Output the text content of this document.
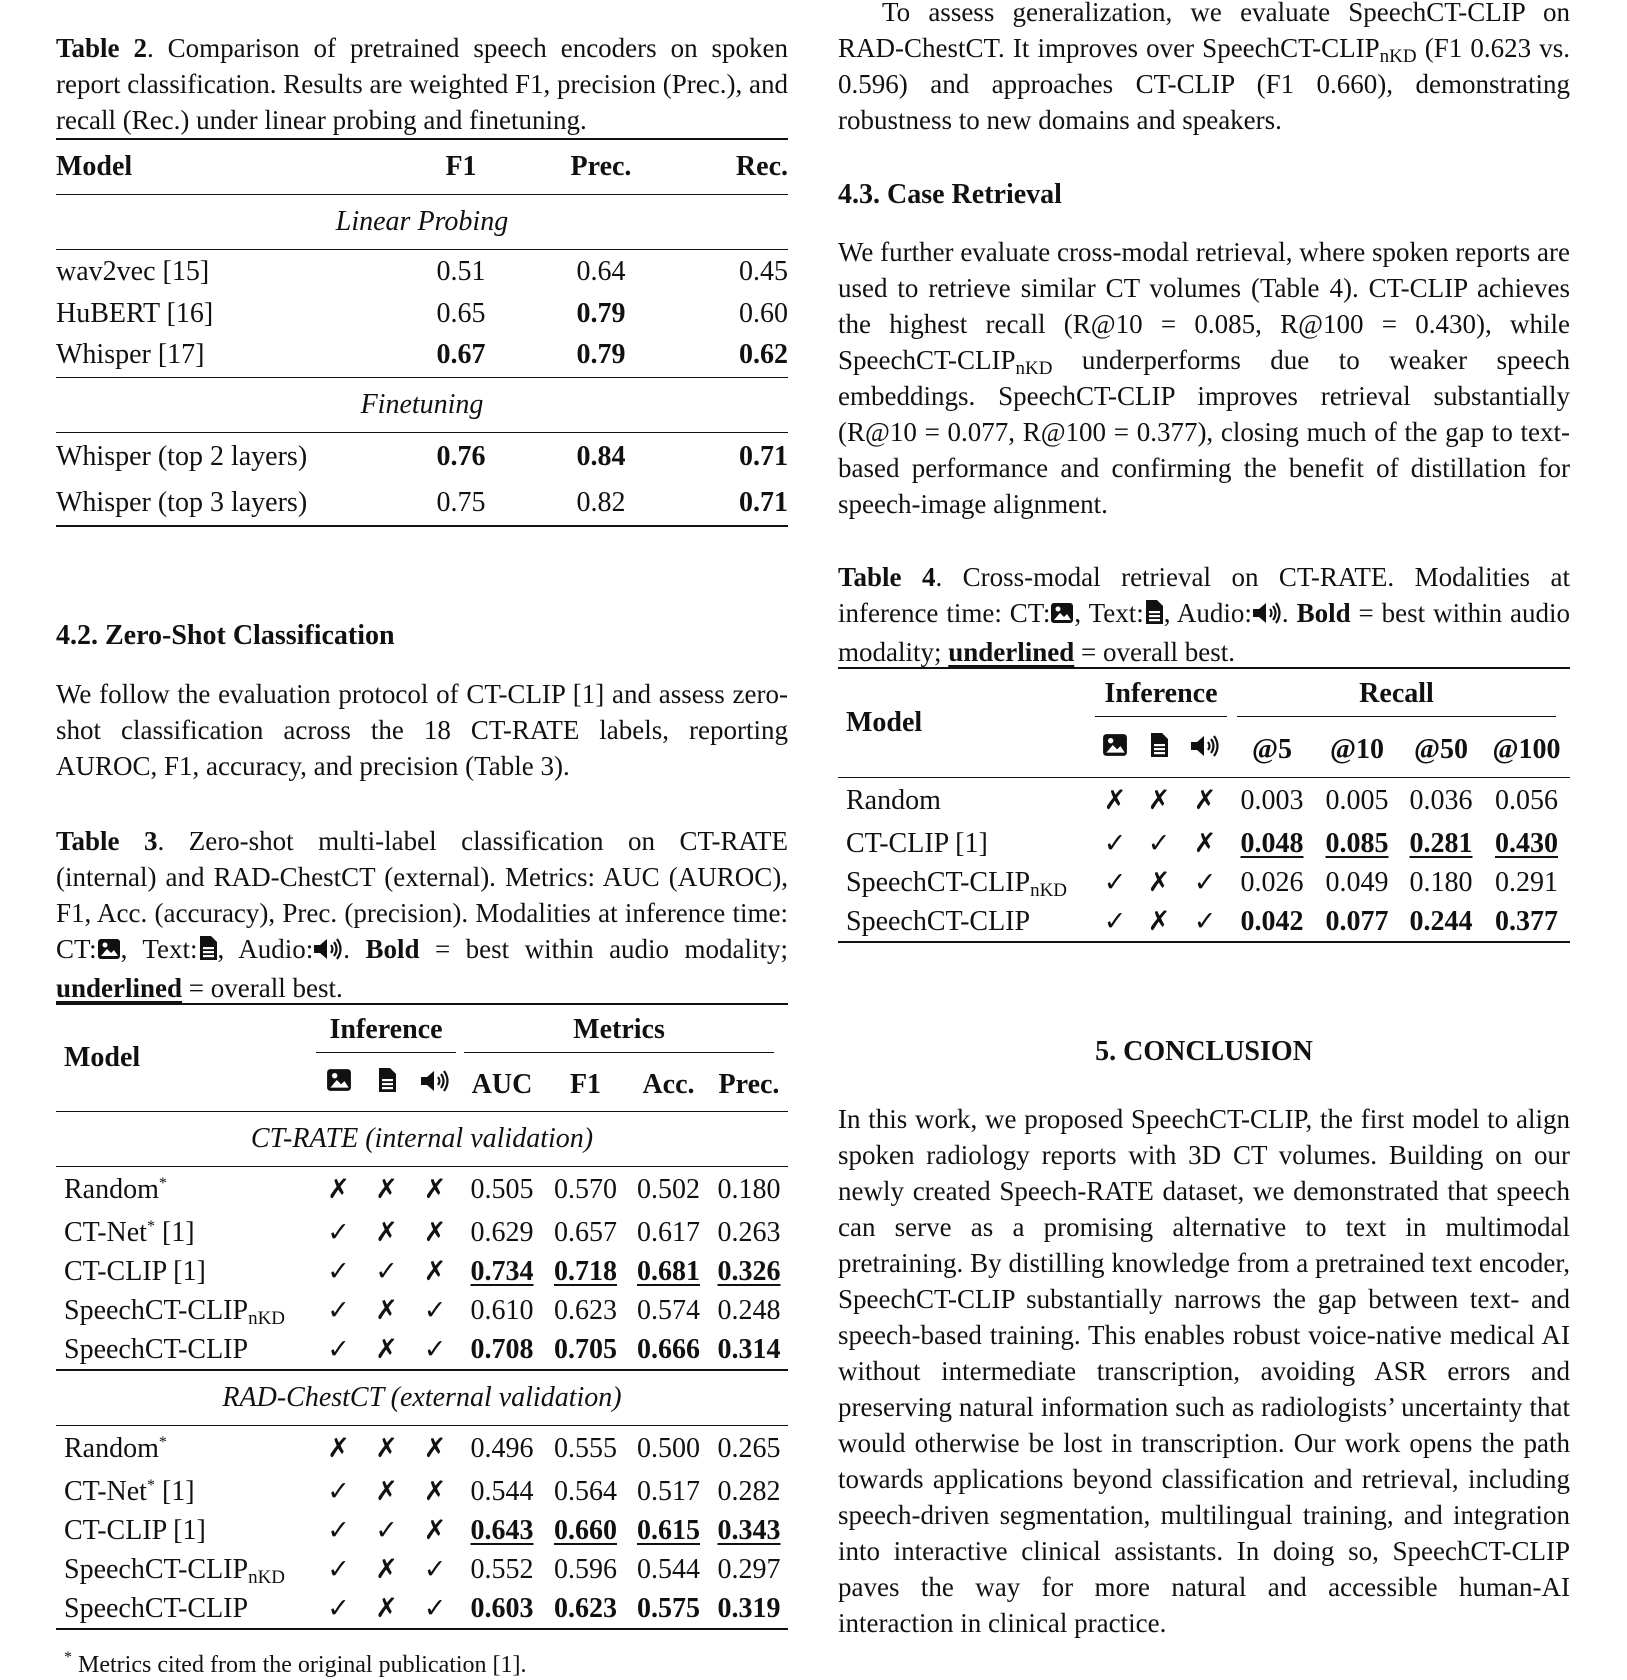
Table 2. Comparison of pretrained speech encoders on spoken report classification. Results are weighted F1, precision (Prec.), and recall (Rec.) under linear probing and finetuning.

Model	F1	Prec.	Rec.
Linear Probing			
wav2vec [15]	0.51	0.64	0.45
HuBERT [16]	0.65	0.79	0.60
Whisper [17]	0.67	0.79	0.62
Finetuning			
Whisper (top 2 layers)	0.76	0.84	0.71
Whisper (top 3 layers)	0.75	0.82	0.71
4.2. Zero-Shot Classification

We follow the evaluation protocol of CT-CLIP [1] and assess zero-shot classification across the 18 CT-RATE labels, reporting AUROC, F1, accuracy, and precision (Table 3).

Table 3. Zero-shot multi-label classification on CT-RATE (internal) and RAD-ChestCT (external). Metrics: AUC (AUROC), F1, Acc. (accuracy), Prec. (precision). Modalities at inference time: CT: , Text: , Audio: . Bold = best within audio modality; underlined = overall best.

Model	Inference			Metrics			

			AUC	F1	Acc.	Prec.
CT-RATE (internal validation)							
Random*	✗	✗	✗	0.505	0.570	0.502	0.180
CT-Net* [1]	✓	✗	✗	0.629	0.657	0.617	0.263
CT-CLIP [1]	✓	✓	✗	0.734	0.718	0.681	0.326
SpeechCT-$CLIP_{nKD}$	✓	✗	✓	0.610	0.623	0.574	0.248
SpeechCT-CLIP	✓	✗	✓	0.708	0.705	0.666	0.314
RAD-ChestCT (external validation)							
Random*	✗	✗	✗	0.496	0.555	0.500	0.265
CT-Net* [1]	✓	✗	✗	0.544	0.564	0.517	0.282
CT-CLIP [1]	✓	✓	✗	0.643	0.660	0.615	0.343
SpeechCT-$CLIP_{nKD}$	✓	✗	✓	0.552	0.596	0.544	0.297
SpeechCT-CLIP	✓	✗	✓	0.603	0.623	0.575	0.319

* Metrics cited from the original publication [1].

To assess generalization, we evaluate SpeechCT-CLIP on RAD-ChestCT. It improves over SpeechCT-$CLIP_{nKD}$ (F1 0.623 vs. 0.596) and approaches CT-CLIP (F1 0.660), demonstrating robustness to new domains and speakers.

4.3. Case Retrieval

We further evaluate cross-modal retrieval, where spoken reports are used to retrieve similar CT volumes (Table 4). CT-CLIP achieves the highest recall (R@10 = 0.085, R@100 = 0.430), while SpeechCT-$CLIP_{nKD}$ underperforms due to weaker speech embeddings. SpeechCT-CLIP improves retrieval substantially (R@10 = 0.077, R@100 = 0.377), closing much of the gap to text-based performance and confirming the benefit of distillation for speech-image alignment.

Table 4. Cross-modal retrieval on CT-RATE. Modalities at inference time: CT: , Text: , Audio: . Bold = best within audio modality; underlined = overall best.

Model	Inference			Recall			

			@5	@10	@50	@100
Random	✗	✗	✗	0.003	0.005	0.036	0.056
CT-CLIP [1]	✓	✓	✗	0.048	0.085	0.281	0.430
SpeechCT-$CLIP_{nKD}$	✓	✗	✓	0.026	0.049	0.180	0.291
SpeechCT-CLIP	✓	✗	✓	0.042	0.077	0.244	0.377
5. CONCLUSION

In this work, we proposed SpeechCT-CLIP, the first model to align spoken radiology reports with 3D CT volumes. Building on our newly created Speech-RATE dataset, we demonstrated that speech can serve as a promising alternative to text in multimodal pretraining. By distilling knowledge from a pretrained text encoder, SpeechCT-CLIP substantially narrows the gap between text- and speech-based training. This enables robust voice-native medical AI without intermediate transcription, avoiding ASR errors and preserving natural information such as radiologists’ uncertainty that would otherwise be lost in transcription. Our work opens the path towards applications beyond classification and retrieval, including speech-driven segmentation, multilingual training, and integration into interactive clinical assistants. In doing so, SpeechCT-CLIP paves the way for more natural and accessible human-AI interaction in clinical practice.
